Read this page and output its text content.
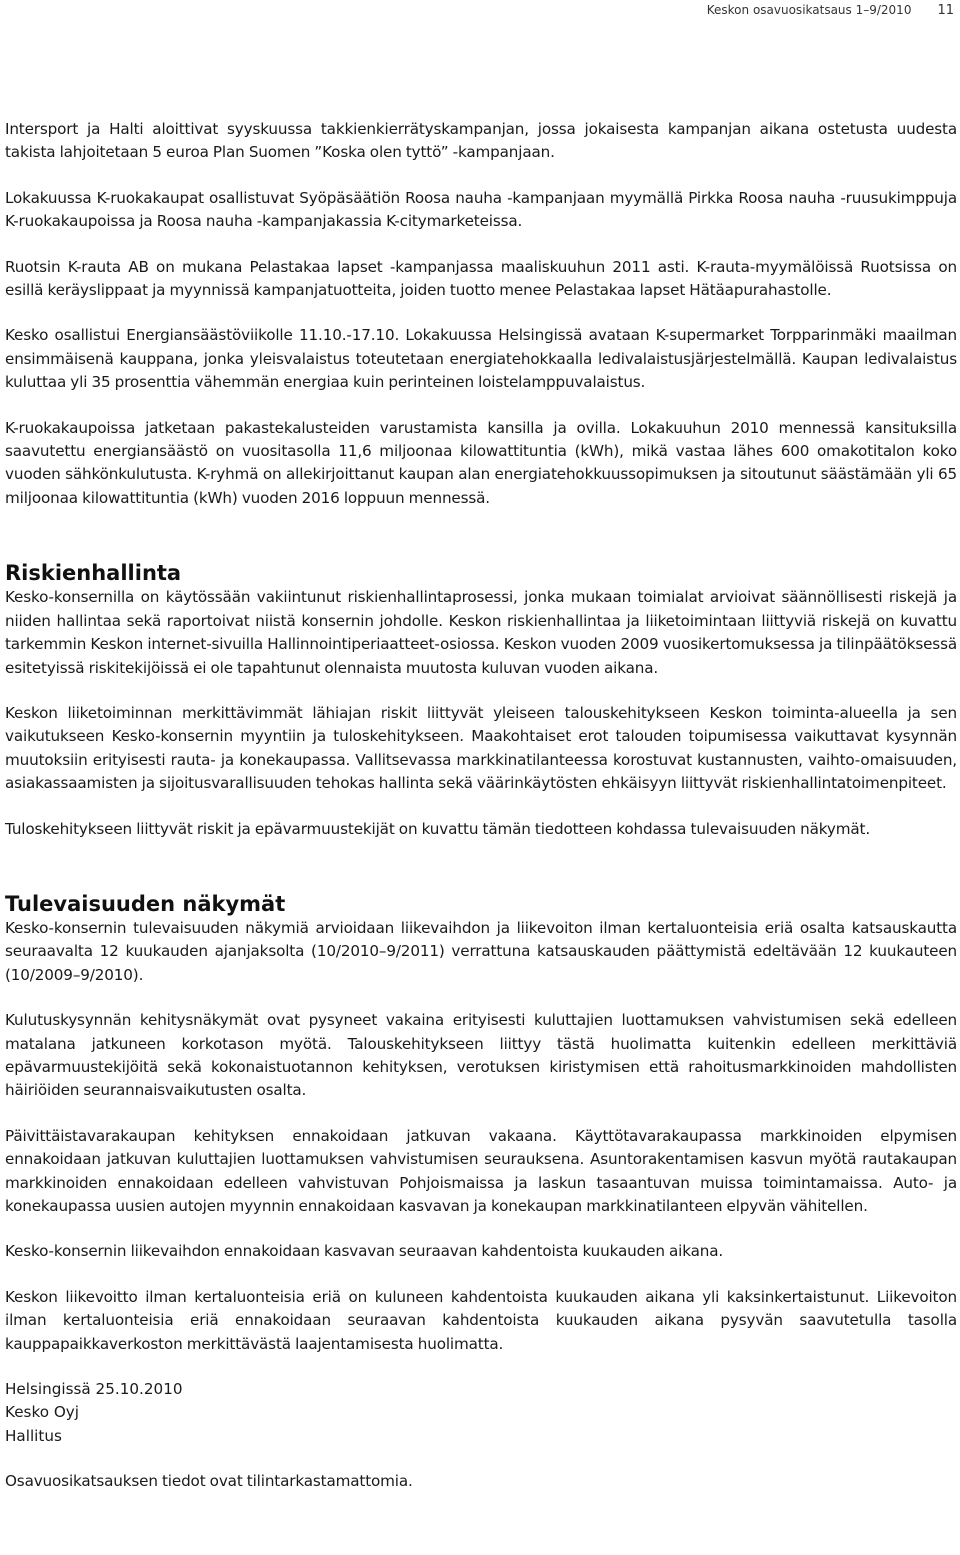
Keskon osavuosikatsaus 1–9/2010 11

Intersport ja Halti aloittivat syyskuussa takkienkierrätyskampanjan, jossa jokaisesta kampanjan aikana ostetusta uudesta takista lahjoitetaan 5 euroa Plan Suomen ”Koska olen tyttö” -kampanjaan.

Lokakuussa K-ruokakaupat osallistuvat Syöpäsäätiön Roosa nauha -kampanjaan myymällä Pirkka Roosa nauha -ruusukimppuja K-ruokakaupoissa ja Roosa nauha -kampanjakassia K-citymarketeissa.

Ruotsin K-rauta AB on mukana Pelastakaa lapset -kampanjassa maaliskuuhun 2011 asti. K-rauta-myymälöissä Ruotsissa on esillä keräyslippaat ja myynnissä kampanjatuotteita, joiden tuotto menee Pelastakaa lapset Hätäapurahastolle.

Kesko osallistui Energiansäästöviikolle 11.10.-17.10. Lokakuussa Helsingissä avataan K-supermarket Torpparinmäki maailman ensimmäisenä kauppana, jonka yleisvalaistus toteutetaan energiatehokkaalla ledivalaistusjärjestelmällä. Kaupan ledivalaistus kuluttaa yli 35 prosenttia vähemmän energiaa kuin perinteinen loistelamppuvalaistus.

K-ruokakaupoissa jatketaan pakastekalusteiden varustamista kansilla ja ovilla. Lokakuuhun 2010 mennessä kansituksilla saavutettu energiansäästö on vuositasolla 11,6 miljoonaa kilowattituntia (kWh), mikä vastaa lähes 600 omakotitalon koko vuoden sähkönkulutusta. K-ryhmä on allekirjoittanut kaupan alan energiatehokkuussopimuksen ja sitoutunut säästämään yli 65 miljoonaa kilowattituntia (kWh) vuoden 2016 loppuun mennessä.

Riskienhallinta

Kesko-konsernilla on käytössään vakiintunut riskienhallintaprosessi, jonka mukaan toimialat arvioivat säännöllisesti riskejä ja niiden hallintaa sekä raportoivat niistä konsernin johdolle. Keskon riskienhallintaa ja liiketoimintaan liittyviä riskejä on kuvattu tarkemmin Keskon internet-sivuilla Hallinnointiperiaatteet-osiossa. Keskon vuoden 2009 vuosikertomuksessa ja tilinpäätöksessä esitetyissä riskitekijöissä ei ole tapahtunut olennaista muutosta kuluvan vuoden aikana.

Keskon liiketoiminnan merkittävimmät lähiajan riskit liittyvät yleiseen talouskehitykseen Keskon toiminta-alueella ja sen vaikutukseen Kesko-konsernin myyntiin ja tuloskehitykseen. Maakohtaiset erot talouden toipumisessa vaikuttavat kysynnän muutoksiin erityisesti rauta- ja konekaupassa. Vallitsevassa markkinatilanteessa korostuvat kustannusten, vaihto-omaisuuden, asiakassaamisten ja sijoitusvarallisuuden tehokas hallinta sekä väärinkäytösten ehkäisyyn liittyvät riskienhallintatoimenpiteet.

Tuloskehitykseen liittyvät riskit ja epävarmuustekijät on kuvattu tämän tiedotteen kohdassa tulevaisuuden näkymät.

Tulevaisuuden näkymät

Kesko-konsernin tulevaisuuden näkymiä arvioidaan liikevaihdon ja liikevoiton ilman kertaluonteisia eriä osalta katsauskautta seuraavalta 12 kuukauden ajanjaksolta (10/2010–9/2011) verrattuna katsauskauden päättymistä edeltävään 12 kuukauteen (10/2009–9/2010).

Kulutuskysynnän kehitysnäkymät ovat pysyneet vakaina erityisesti kuluttajien luottamuksen vahvistumisen sekä edelleen matalana jatkuneen korkotason myötä. Talouskehitykseen liittyy tästä huolimatta kuitenkin edelleen merkittäviä epävarmuustekijöitä sekä kokonaistuotannon kehityksen, verotuksen kiristymisen että rahoitusmarkkinoiden mahdollisten häiriöiden seurannaisvaikutusten osalta.

Päivittäistavarakaupan kehityksen ennakoidaan jatkuvan vakaana. Käyttötavarakaupassa markkinoiden elpymisen ennakoidaan jatkuvan kuluttajien luottamuksen vahvistumisen seurauksena. Asuntorakentamisen kasvun myötä rautakaupan markkinoiden ennakoidaan edelleen vahvistuvan Pohjoismaissa ja laskun tasaantuvan muissa toimintamaissa. Auto- ja konekaupassa uusien autojen myynnin ennakoidaan kasvavan ja konekaupan markkinatilanteen elpyvän vähitellen.

Kesko-konsernin liikevaihdon ennakoidaan kasvavan seuraavan kahdentoista kuukauden aikana.

Keskon liikevoitto ilman kertaluonteisia eriä on kuluneen kahdentoista kuukauden aikana yli kaksinkertaistunut. Liikevoiton ilman kertaluonteisia eriä ennakoidaan seuraavan kahdentoista kuukauden aikana pysyvän saavutetulla tasolla kauppapaikkaverkoston merkittävästä laajentamisesta huolimatta.

Helsingissä 25.10.2010
Kesko Oyj
Hallitus

Osavuosikatsauksen tiedot ovat tilintarkastamattomia.
